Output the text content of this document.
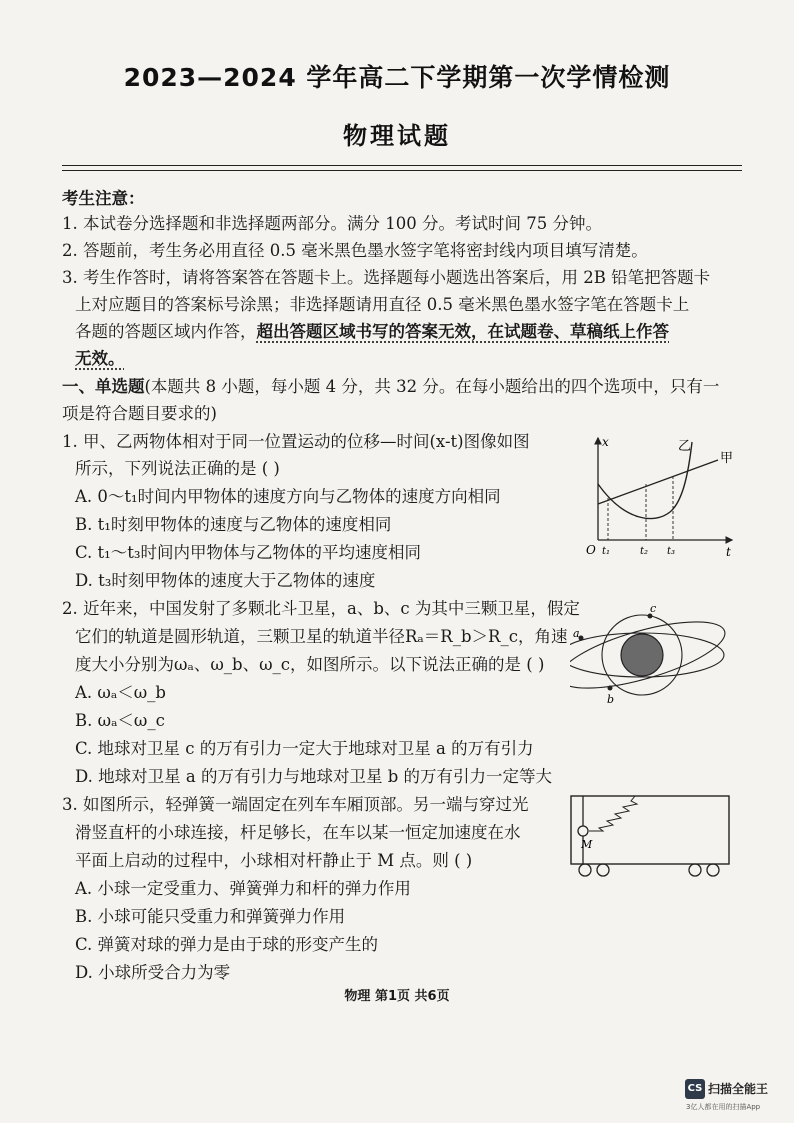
2023—2024 学年高二下学期第一次学情检测
物理试题
考生注意：
1. 本试卷分选择题和非选择题两部分。满分 100 分。考试时间 75 分钟。
2. 答题前，考生务必用直径 0.5 毫米黑色墨水签字笔将密封线内项目填写清楚。
3. 考生作答时，请将答案答在答题卡上。选择题每小题选出答案后，用 2B 铅笔把答题卡
上对应题目的答案标号涂黑；非选择题请用直径 0.5 毫米黑色墨水签字笔在答题卡上
各题的答题区域内作答，超出答题区域书写的答案无效，在试题卷、草稿纸上作答
无效。
一、单选题(本题共 8 小题，每小题 4 分，共 32 分。在每小题给出的四个选项中，只有一
项是符合题目要求的)
1. 甲、乙两物体相对于同一位置运动的位移—时间(x-t)图像如图
所示，下列说法正确的是 ( )
A. 0～t₁时间内甲物体的速度方向与乙物体的速度方向相同
B. t₁时刻甲物体的速度与乙物体的速度相同
C. t₁～t₃时间内甲物体与乙物体的平均速度相同
D. t₃时刻甲物体的速度大于乙物体的速度
x
t
O t₁	t₂ t₃
乙
甲
2. 近年来，中国发射了多颗北斗卫星，a、b、c 为其中三颗卫星，假定
它们的轨道是圆形轨道，三颗卫星的轨道半径Rₐ＝R_b＞R_c，角速
度大小分别为ωₐ、ω_b、ω_c，如图所示。以下说法正确的是 ( )
A. ωₐ＜ω_b
B. ωₐ＜ω_c
C. 地球对卫星 c 的万有引力一定大于地球对卫星 a 的万有引力
D. 地球对卫星 a 的万有引力与地球对卫星 b 的万有引力一定等大
a
b
c
3. 如图所示，轻弹簧一端固定在列车车厢顶部。另一端与穿过光
滑竖直杆的小球连接，杆足够长，在车以某一恒定加速度在水
平面上启动的过程中，小球相对杆静止于 M 点。则 ( )
A. 小球一定受重力、弹簧弹力和杆的弹力作用
B. 小球可能只受重力和弹簧弹力作用
C. 弹簧对球的弹力是由于球的形变产生的
D. 小球所受合力为零
M
物理 第1页 共6页
CS 扫描全能王
3亿人都在用的扫描App
